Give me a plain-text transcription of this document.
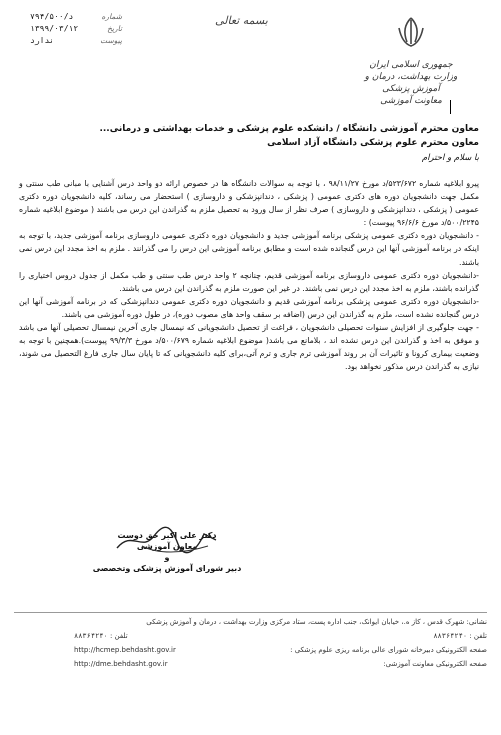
جمهوری اسلامی ایران
وزارت بهداشت، درمان و آموزش پزشکی
معاونت آموزشی
بسمه تعالی
۷۹۴/۵۰۰/د	شماره
۱۳۹۹/۰۳/۱۲	تاریخ
ندارد	پیوست
معاون محترم آموزشی دانشگاه / دانشکده علوم پزشکی و خدمات بهداشتی و درمانی...
معاون محترم علوم پزشکی دانشگاه آزاد اسلامی
با سلام و احترام

پیرو ابلاغیه شماره ۵۲۳/۶۷۲/د مورخ ۹۸/۱۱/۲۷ ، با توجه به سوالات دانشگاه ها در خصوص ارائه دو واحد درس آشنایی با مبانی طب سنتی و مکمل جهت دانشجویان دوره های دکتری عمومی ( پزشکی ، دندانپزشکی و داروسازی ) استحضار می رساند، کلیه دانشجویان دوره دکتری عمومی ( پزشکی ، دندانپزشکی و داروسازی ) صرف نظر از سال ورود به تحصیل ملزم به گذراندن این درس می باشند ( موضوع ابلاغیه شماره ۵۰۰/۲۲۴۵/د مورخ ۹۶/۶/۶ پیوست) :

- دانشجویان دوره دکتری عمومی پزشکی برنامه آموزشی جدید و دانشجویان دوره دکتری عمومی داروسازی برنامه آموزشی جدید، با توجه به اینکه در برنامه آموزشی آنها این درس گنجانده شده است و مطابق برنامه آموزشی این درس را می گذرانند . ملزم به اخذ مجدد این درس نمی باشند.

-دانشجویان دوره دکتری عمومی داروسازی برنامه آموزشی قدیم، چنانچه ۲ واحد درس طب سنتی و طب مکمل از جدول دروس اختیاری را گذرانده باشند، ملزم به اخذ مجدد این درس نمی باشند. در غیر این صورت ملزم به گذراندن این درس می باشند.

-دانشجویان دوره دکتری عمومی پزشکی برنامه آموزشی قدیم و دانشجویان دوره دکتری عمومی دندانپزشکی که در برنامه آموزشی آنها این درس گنجانده نشده است، ملزم به گذراندن این درس (اضافه بر سقف واحد های مصوب دوره)، در طول دوره آموزشی می باشند.

- جهت جلوگیری از افزایش سنوات تحصیلی دانشجویان ، فراغت از تحصیل دانشجویانی که نیمسال جاری آخرین نیمسال تحصیلی آنها می باشد و موفق به اخذ و گذراندن این درس نشده اند ، بلامانع می باشد( موضوع ابلاغیه شماره ۵۰۰/۶۷۹/د مورخ ۹۹/۳/۳ پیوست).همچنین با توجه به وضعیت بیماری کرونا و تاثیرات آن بر روند آموزشی ترم جاری و ترم آتی،برای کلیه دانشجویانی که تا پایان سال جاری فارغ التحصیل می شوند، نیازی به گذراندن درس مذکور نخواهد بود.

دکتر علی اکبر حق دوست
معاون آموزشی
و
دبیر شورای آموزش پزشکی وتخصصی
نشانی: شهرک قدس ، کاز ه.، خیابان ایوانک، جنب اداره پست، ستاد مرکزی وزارت بهداشت ، درمان و آموزش پزشکی
تلفن : ۸۸۳۶۴۲۴۰
تلفن : ۸۸۳۶۴۲۴۰
صفحه الکترونیکی دبیرخانه شورای عالی برنامه ریزی علوم پزشکی :
http://hcmep.behdasht.gov.ir
صفحه الکترونیکی معاونت آموزشی:
http://dme.behdasht.gov.ir
